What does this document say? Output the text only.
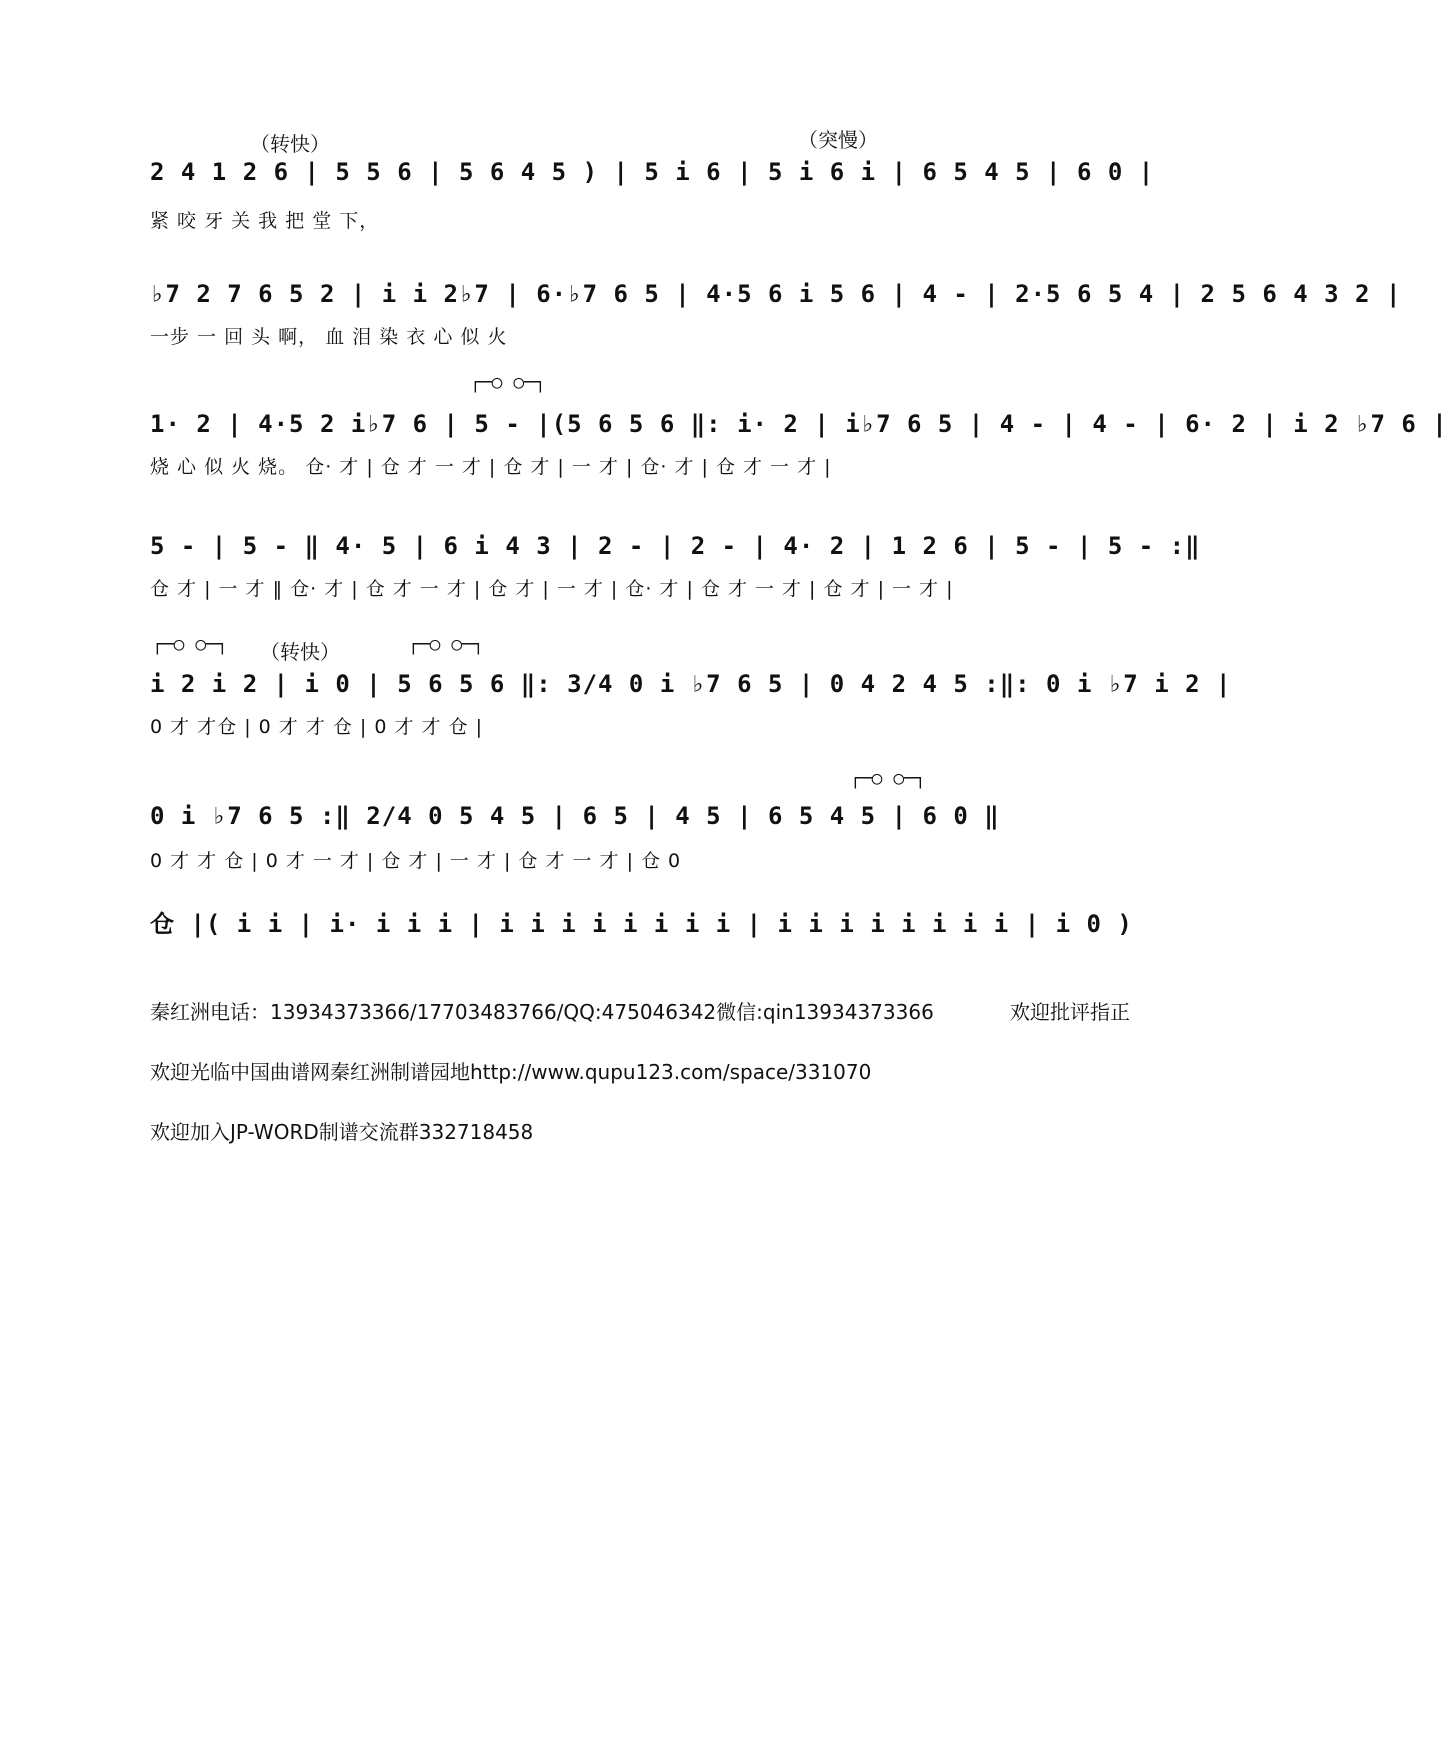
（转快）	（突慢）
2 4 1 2 6 | 5 5 6 | 5 6 4 5 ) | 5 i 6 | 5 i 6 i | 6 5 4 5 | 6 0 |
紧 咬 牙 关 我 把 堂 下，
♭7 2 7 6 5 2 | i i 2♭7 | 6·♭7 6 5 | 4·5 6 i 5 6 | 4 - | 2·5 6 5 4 | 2 5 6 4 3 2 |
一步 一 回 头 啊， 血 泪 染 衣 心 似 火
┌─○ ○─┐
1· 2 | 4·5 2 i♭7 6 | 5 - |(5 6 5 6 ‖: i· 2 | i♭7 6 5 | 4 - | 4 - | 6· 2 | i 2 ♭7 6 |
烧 心 似 火 烧。 仓· 才 | 仓 才 一 才 | 仓 才 | 一 才 | 仓· 才 | 仓 才 一 才 |
5 - | 5 - ‖ 4· 5 | 6 i 4 3 | 2 - | 2 - | 4· 2 | 1 2 6 | 5 - | 5 - :‖
仓 才 | 一 才 ‖ 仓· 才 | 仓 才 一 才 | 仓 才 | 一 才 | 仓· 才 | 仓 才 一 才 | 仓 才 | 一 才 |
┌─○ ○─┐ （转快）	┌─○ ○─┐
i 2 i 2 | i 0 | 5 6 5 6 ‖: 3/4 0 i ♭7 6 5 | 0 4 2 4 5 :‖: 0 i ♭7 i 2 |
0 才 才仓 | 0 才 才 仓 | 0 才 才 仓 |
┌─○ ○─┐
0 i ♭7 6 5 :‖ 2/4 0 5 4 5 | 6 5 | 4 5 | 6 5 4 5 | 6 0 ‖
0 才 才 仓 | 0 才 一 才 | 仓 才 | 一 才 | 仓 才 一 才 | 仓 0
仓 |( i i | i· i i i | i i i i i i i i | i i i i i i i i | i 0 )
秦红洲电话：13934373366/17703483766/QQ:475046342微信:qin13934373366	欢迎批评指正
欢迎光临中国曲谱网秦红洲制谱园地http://www.qupu123.com/space/331070
欢迎加入JP-WORD制谱交流群332718458
